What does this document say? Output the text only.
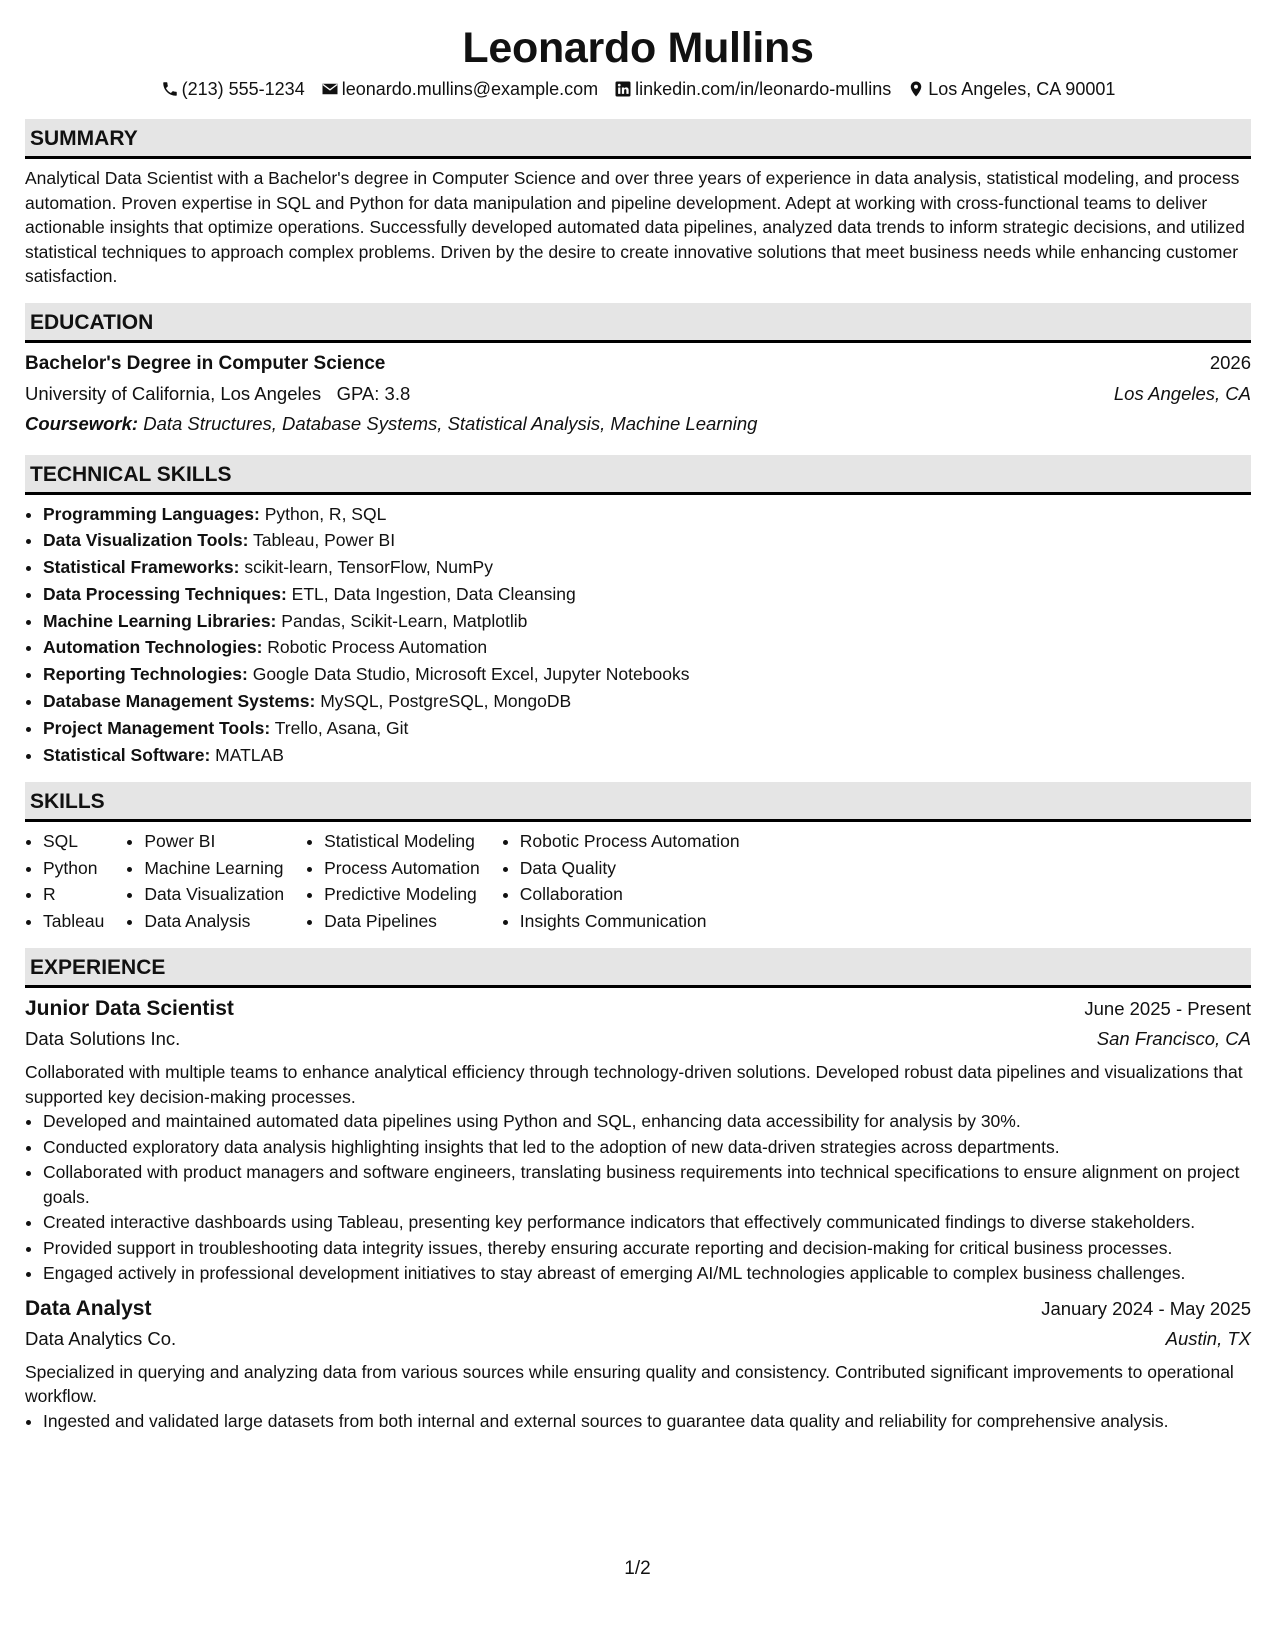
Leonardo Mullins
(213) 555-1234 leonardo.mullins@example.com linkedin.com/in/leonardo-mullins Los Angeles, CA 90001
SUMMARY
Analytical Data Scientist with a Bachelor's degree in Computer Science and over three years of experience in data analysis, statistical modeling, and process automation. Proven expertise in SQL and Python for data manipulation and pipeline development. Adept at working with cross-functional teams to deliver actionable insights that optimize operations. Successfully developed automated data pipelines, analyzed data trends to inform strategic decisions, and utilized statistical techniques to approach complex problems. Driven by the desire to create innovative solutions that meet business needs while enhancing customer satisfaction.
EDUCATION
Bachelor's Degree in Computer Science	2026
University of California, Los Angeles GPA: 3.8	Los Angeles, CA
Coursework: Data Structures, Database Systems, Statistical Analysis, Machine Learning
TECHNICAL SKILLS
• Programming Languages: Python, R, SQL
• Data Visualization Tools: Tableau, Power BI
• Statistical Frameworks: scikit-learn, TensorFlow, NumPy
• Data Processing Techniques: ETL, Data Ingestion, Data Cleansing
• Machine Learning Libraries: Pandas, Scikit-Learn, Matplotlib
• Automation Technologies: Robotic Process Automation
• Reporting Technologies: Google Data Studio, Microsoft Excel, Jupyter Notebooks
• Database Management Systems: MySQL, PostgreSQL, MongoDB
• Project Management Tools: Trello, Asana, Git
• Statistical Software: MATLAB
SKILLS
• SQL
• Python
• R
• Tableau
• Power BI
• Machine Learning
• Data Visualization
• Data Analysis
• Statistical Modeling
• Process Automation
• Predictive Modeling
• Data Pipelines
• Robotic Process Automation
• Data Quality
• Collaboration
• Insights Communication
EXPERIENCE
Junior Data Scientist	June 2025 - Present
Data Solutions Inc.	San Francisco, CA
Collaborated with multiple teams to enhance analytical efficiency through technology-driven solutions. Developed robust data pipelines and visualizations that supported key decision-making processes.
• Developed and maintained automated data pipelines using Python and SQL, enhancing data accessibility for analysis by 30%.
• Conducted exploratory data analysis highlighting insights that led to the adoption of new data-driven strategies across departments.
• Collaborated with product managers and software engineers, translating business requirements into technical specifications to ensure alignment on project goals.
• Created interactive dashboards using Tableau, presenting key performance indicators that effectively communicated findings to diverse stakeholders.
• Provided support in troubleshooting data integrity issues, thereby ensuring accurate reporting and decision-making for critical business processes.
• Engaged actively in professional development initiatives to stay abreast of emerging AI/ML technologies applicable to complex business challenges.
Data Analyst	January 2024 - May 2025
Data Analytics Co.	Austin, TX
Specialized in querying and analyzing data from various sources while ensuring quality and consistency. Contributed significant improvements to operational workflow.
• Ingested and validated large datasets from both internal and external sources to guarantee data quality and reliability for comprehensive analysis.
1/2
